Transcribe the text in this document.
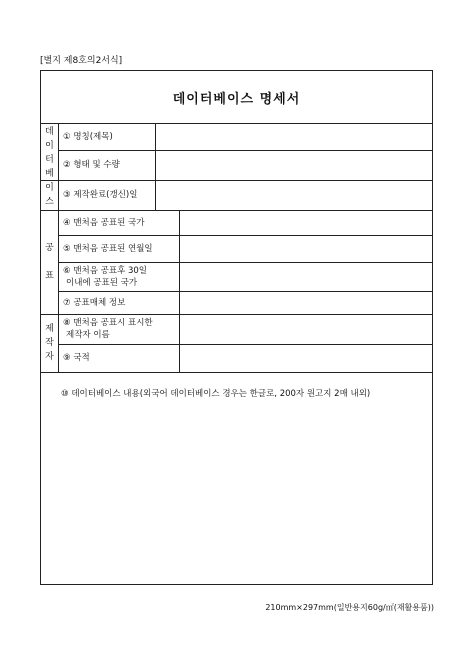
[별지 제8호의2서식]
데이터베이스 명세서
데
이
터
베
이
스
공
표
제
작
자
① 명칭(제목)
② 형태 및 수량
③ 제작완료(갱신)일
④ 맨처음 공표된 국가
⑤ 맨처음 공표된 연월일
⑥ 맨처음 공표후 30일
이내에 공표된 국가
⑦ 공표매체 정보
⑧ 맨처음 공표시 표시한
제작자 이름
⑨ 국적
⑩ 데이터베이스 내용(외국어 데이터베이스 경우는 한글로, 200자 원고지 2매 내외)
210mm×297mm(일반용지60g/㎡(재활용품))
